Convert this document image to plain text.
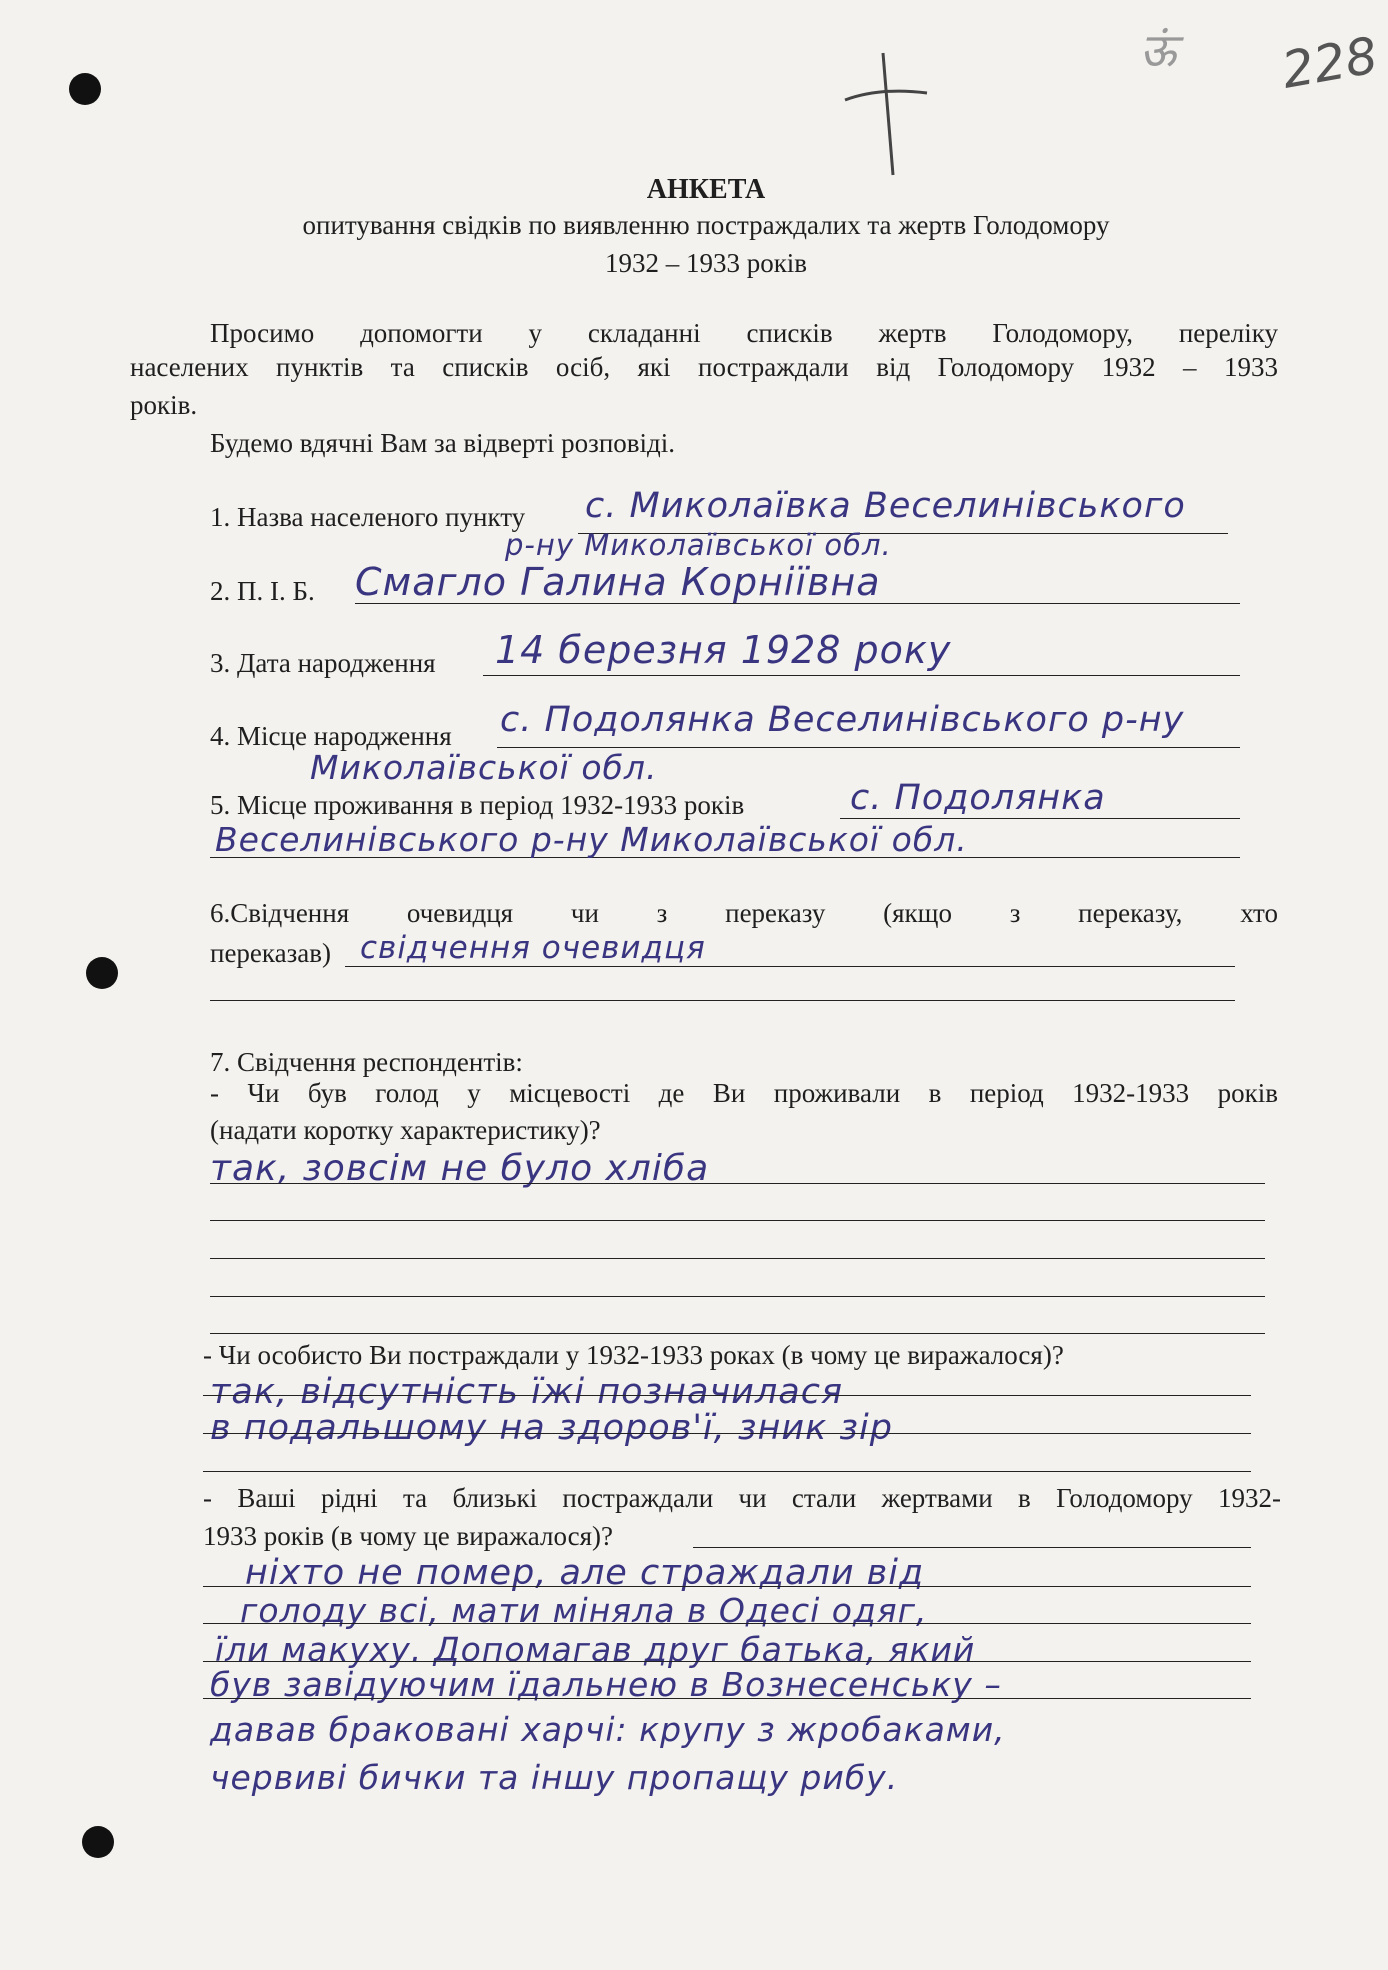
ऊं 228
АНКЕТА
опитування свідків по виявленню постраждалих та жертв Голодомору
1932 – 1933 років
Просимо допомогти у складанні списків жертв Голодомору, переліку
населених пунктів та списків осіб, які постраждали від Голодомору 1932 – 1933
років.
Будемо вдячні Вам за відверті розповіді.
1. Назва населеного пункту с. Миколаївка Веселинівського
р-ну Миколаївської обл.
2. П. І. Б. Смагло Галина Корніївна
3. Дата народження 14 березня 1928 року
4. Місце народження с. Подолянка Веселинівського р-ну
Миколаївської обл.
5. Місце проживання в період 1932-1933 років	с. Подолянка
Веселинівського р-ну Миколаївської обл.
6.Свідчення очевидця чи з переказу (якщо з переказу, хто
переказав) свідчення очевидця
7. Свідчення респондентів:
- Чи був голод у місцевості де Ви проживали в період 1932-1933 років
(надати коротку характеристику)?
так, зовсім не було хліба
- Чи особисто Ви постраждали у 1932-1933 роках (в чому це виражалося)?
так, відсутність їжі позначилася
в подальшому на здоров'ї, зник зір
- Ваші рідні та близькі постраждали чи стали жертвами в Голодомору 1932-
1933 років (в чому це виражалося)?
ніхто не помер, але страждали від
голоду всі, мати міняла в Одесі одяг,
їли макуху. Допомагав друг батька, який
був завідуючим їдальнею в Вознесенську –
давав браковані харчі: крупу з жробаками,
червиві бички та іншу пропащу рибу.
